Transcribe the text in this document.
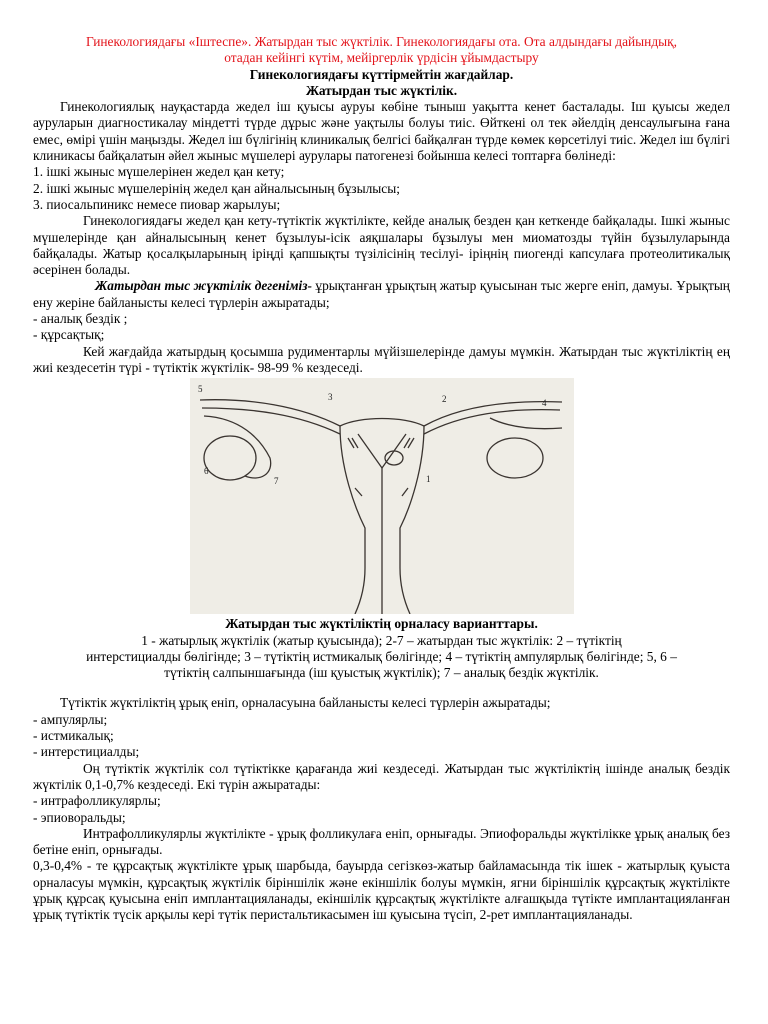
Гинекологиядағы «Іштеспе». Жатырдан тыс жүктілік. Гинекологиядағы ота. Ота алдындағы дайындық,

отадан кейінгі күтім, мейіргерлік үрдісін ұйымдастыру

Гинекологиядағы күттірмейтін жағдайлар.

Жатырдан тыс жүктілік.

Гинекологиялық науқастарда жедел іш қуысы ауруы көбіне тыныш уақытта кенет басталады. Іш қуысы жедел ауруларын диагностикалау міндетті түрде дұрыс және уақтылы болуы тиіс. Өйткені ол тек әйелдің денсаулығына ғана емес, өмірі үшін маңызды. Жедел іш бүлігінің клиникалық белгісі байқалған түрде көмек көрсетілуі тиіс. Жедел іш бүлігі клиникасы байқалатын әйел жыныс мүшелері аурулары патогенезі бойынша келесі топтарға бөлінеді:

1. ішкі жыныс мүшелерінен жедел қан кету;

2. ішкі жыныс мүшелерінің жедел қан айналысының бұзылысы;

3. пиосальпиникс немесе пиовар жарылуы;

Гинекологиядағы жедел қан кету-түтіктік жүктілікте, кейде аналық безден қан кеткенде байқалады. Ішкі жыныс мүшелерінде қан айналысының кенет бұзылуы-ісік аяқшалары бұзылуы мен миоматозды түйін бұзылуларында байқалады. Жатыр қосалқыларының іріңді қапшықты түзілісінің тесілуі- іріңнің пиогенді капсулаға протеолитикалық әсерінен болады.

Жатырдан тыс жүктілік дегеніміз- ұрықтанған ұрықтың жатыр қуысынан тыс жерге еніп, дамуы. Ұрықтың ену жеріне байланысты келесі түрлерін ажыратады;

- аналық бездік ;

- құрсақтық;

Кей жағдайда жатырдың қосымша рудиментарлы мүйізшелерінде дамуы мүмкін. Жатырдан тыс жүктіліктің ең жиі кездесетін түрі - түтіктік жүктілік- 98-99 % кездеседі.

5
6
7
3	2	4
1

Жатырдан тыс жүктіліктің орналасу варианттары.

1 - жатырлық жүктілік (жатыр қуысында); 2-7 – жатырдан тыс жүктілік: 2 – түтіктің

интерстициалды бөлігінде; 3 – түтіктің истмикалық бөлігінде; 4 – түтіктің ампулярлық бөлігінде; 5, 6 –

түтіктің салпыншағында (іш қуыстық жүктілік); 7 – аналық бездік жүктілік.

Түтіктік жүктіліктің ұрық еніп, орналасуына байланысты келесі түрлерін ажыратады;

- ампулярлы;

- истмикалық;

- интерстициалды;

Оң түтіктік жүктілік сол түтіктікке қарағанда жиі кездеседі. Жатырдан тыс жүктіліктің ішінде аналық бездік жүктілік 0,1-0,7% кездеседі. Екі түрін ажыратады:

- интрафолликулярлы;

- эпиоворальды;

Интрафолликулярлы жүктілікте - ұрық фолликулаға еніп, орнығады. Эпиофоральды жүктілікке ұрық аналық без бетіне еніп, орнығады.

0,3-0,4% - те құрсақтық жүктілікте ұрық шарбыда, бауырда сегізкөз-жатыр байламасында тік ішек - жатырлық қуыста орналасуы мүмкін, құрсақтық жүктілік біріншілік және екіншілік болуы мүмкін, ягни біріншілік құрсақтық жүктілікте ұрық құрсақ қуысына еніп имплантацияланады, екіншілік құрсақтық жүктілікте алғашқыда түтікте имплантацияланған ұрық түтіктік түсік арқылы кері түтік перистальтикасымен іш қуысына түсіп, 2-рет имплантацияланады.
